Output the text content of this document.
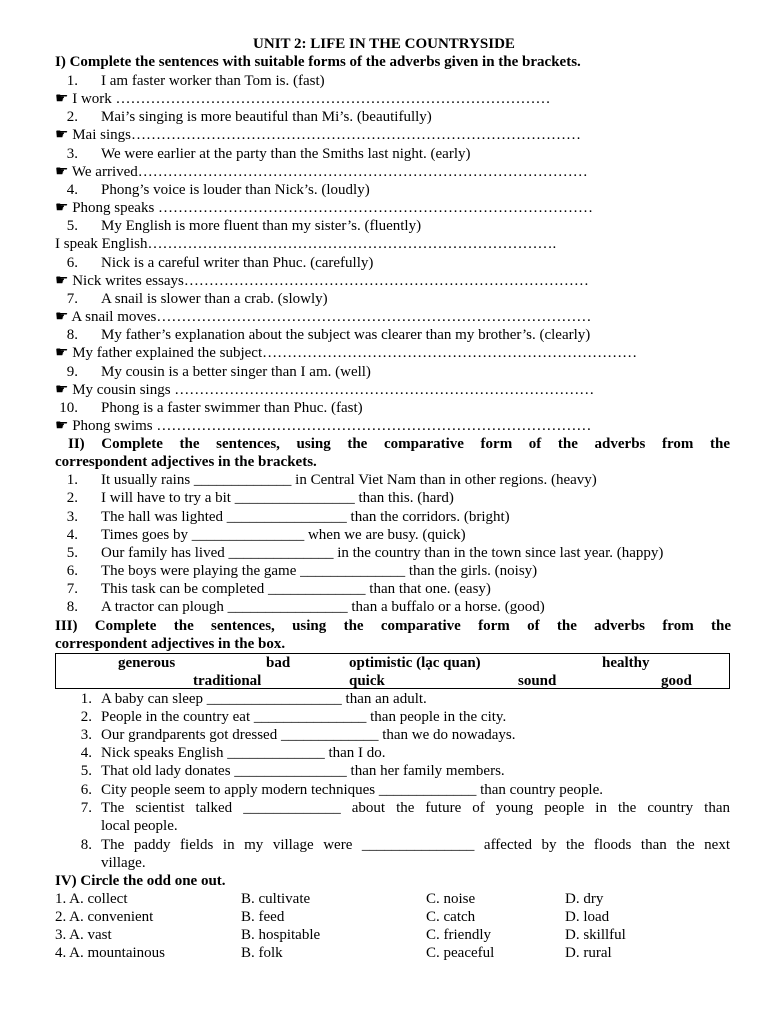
UNIT 2: LIFE IN THE COUNTRYSIDE
I) Complete the sentences with suitable forms of the adverbs given in the brackets.
1. I am faster worker than Tom is. (fast)
☛ I work ……………………………………………………………………………
2. Mai’s singing is more beautiful than Mi’s. (beautifully)
☛ Mai sings………………………………………………………………………………
3. We were earlier at the party than the Smiths last night. (early)
☛ We arrived………………………………………………………………………………
4. Phong’s voice is louder than Nick’s. (loudly)
☛ Phong speaks ……………………………………………………………………………
5. My English is more fluent than my sister’s. (fluently)
I speak English……………………………………………………………………….
6. Nick is a careful writer than Phuc. (carefully)
☛ Nick writes essays………………………………………………………………………
7. A snail is slower than a crab. (slowly)
☛ A snail moves……………………………………………………………………………
8. My father’s explanation about the subject was clearer than my brother’s. (clearly)
☛ My father explained the subject…………………………………………………………………
9. My cousin is a better singer than I am. (well)
☛ My cousin sings …………………………………………………………………………
10. Phong is a faster swimmer than Phuc. (fast)
☛ Phong swims ……………………………………………………………………………
II) Complete the sentences, using the comparative form of the adverbs from the
correspondent adjectives in the brackets.
1. It usually rains _____________ in Central Viet Nam than in other regions. (heavy)
2. I will have to try a bit ________________ than this. (hard)
3. The hall was lighted ________________ than the corridors. (bright)
4. Times goes by _______________ when we are busy. (quick)
5. Our family has lived ______________ in the country than in the town since last year. (happy)
6. The boys were playing the game ______________ than the girls. (noisy)
7. This task can be completed _____________ than that one. (easy)
8. A tractor can plough ________________ than a buffalo or a horse. (good)
III) Complete the sentences, using the comparative form of the adverbs from the
correspondent adjectives in the box.
generous	bad	optimistic (lạc quan)	healthy
traditional	quick	sound	good
1. A baby can sleep __________________ than an adult.
2. People in the country eat _______________ than people in the city.
3. Our grandparents got dressed _____________ than we do nowadays.
4. Nick speaks English _____________ than I do.
5. That old lady donates _______________ than her family members.
6. City people seem to apply modern techniques _____________ than country people.
7. The scientist talked _____________ about the future of young people in the country than
local people.
8. The paddy fields in my village were _______________ affected by the floods than the next
village.
IV) Circle the odd one out.
1. A. collect	B. cultivate	C. noise	D. dry
2. A. convenient	B. feed	C. catch	D. load
3. A. vast	B. hospitable	C. friendly	D. skillful
4. A. mountainous	B. folk	C. peaceful	D. rural
